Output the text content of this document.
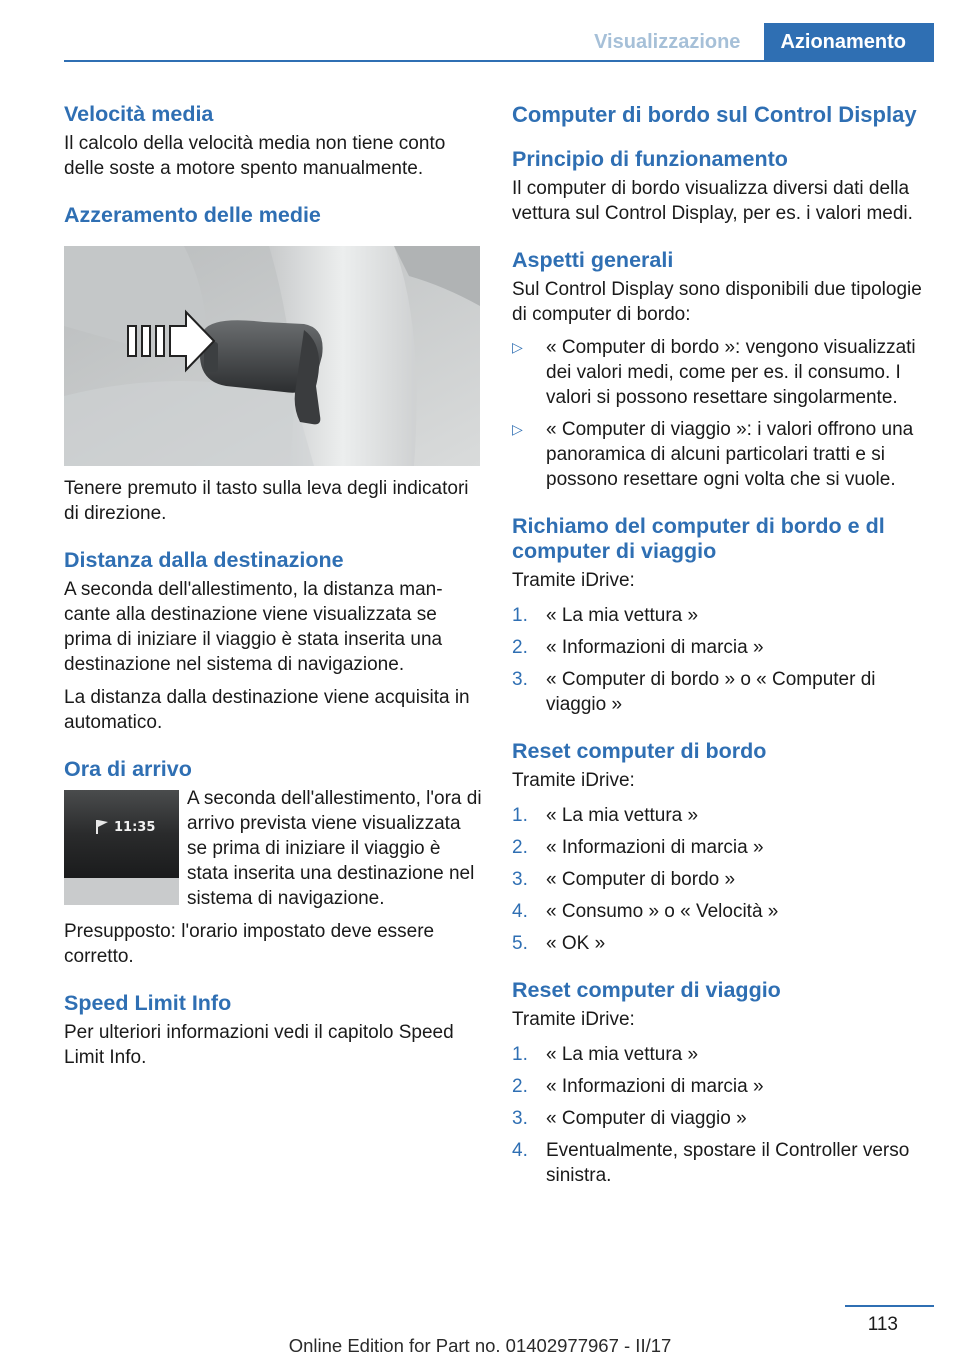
Visualizzazione	Azionamento
Velocità media

Il calcolo della velocità media non tiene conto delle soste a motore spento manualmente.

Azzeramento delle medie

Tenere premuto il tasto sulla leva degli indicatori di direzione.

Distanza dalla destinazione

A seconda dell'allestimento, la distanza mancante alla destinazione viene visualizzata se prima di iniziare il viaggio è stata inserita una destinazione nel sistema di navigazione.

La distanza dalla destinazione viene acquisita in automatico.

Ora di arrivo
11:35

A seconda dell'allestimento, l'ora di arrivo prevista viene visualizzata se prima di iniziare il viaggio è stata inserita una destinazione nel sistema di navigazione.

Presupposto: l'orario impostato deve essere corretto.

Speed Limit Info

Per ulteriori informazioni vedi il capitolo Speed Limit Info.

Computer di bordo sul Control Display
Principio di funzionamento

Il computer di bordo visualizza diversi dati della vettura sul Control Display, per es. i valori medi.

Aspetti generali

Sul Control Display sono disponibili due tipologie di computer di bordo:

▷ « Computer di bordo »: vengono visualizzati dei valori medi, come per es. il consumo. I valori si possono resettare singolarmente.
▷ « Computer di viaggio »: i valori offrono una panoramica di alcuni particolari tratti e si possono resettare ogni volta che si vuole.
Richiamo del computer di bordo e dl computer di viaggio

Tramite iDrive:

1. « La mia vettura »
2. « Informazioni di marcia »
3. « Computer di bordo » o « Computer di viaggio »
Reset computer di bordo

Tramite iDrive:

1. « La mia vettura »
2. « Informazioni di marcia »
3. « Computer di bordo »
4. « Consumo » o « Velocità »
5. « OK »
Reset computer di viaggio

Tramite iDrive:

1. « La mia vettura »
2. « Informazioni di marcia »
3. « Computer di viaggio »
4. Eventualmente, spostare il Controller verso sinistra.
113
Online Edition for Part no. 01402977967 - II/17
